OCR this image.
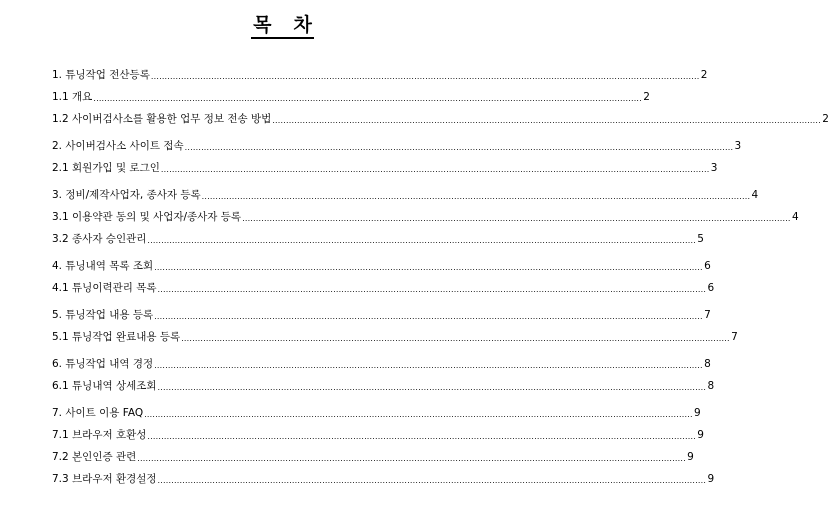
목 차
1. 튜닝작업 전산등록 ........................................................................................................................................................................................................ 2
1.1 개요 ........................................................................................................................................................................................................ 2
1.2 사이버검사소를 활용한 업무 정보 전송 방법 ........................................................................................................................................................................................................ 2
2. 사이버검사소 사이트 접속 ........................................................................................................................................................................................................ 3
2.1 회원가입 및 로그인 ........................................................................................................................................................................................................ 3
3. 정비/제작사업자, 종사자 등록 ........................................................................................................................................................................................................ 4
3.1 이용약관 동의 및 사업자/종사자 등록 ........................................................................................................................................................................................................ 4
3.2 종사자 승인관리 ........................................................................................................................................................................................................ 5
4. 튜닝내역 목록 조회 ........................................................................................................................................................................................................ 6
4.1 튜닝이력관리 목록 ........................................................................................................................................................................................................ 6
5. 튜닝작업 내용 등록 ........................................................................................................................................................................................................ 7
5.1 튜닝작업 완료내용 등록 ........................................................................................................................................................................................................ 7
6. 튜닝작업 내역 경정 ........................................................................................................................................................................................................ 8
6.1 튜닝내역 상세조회 ........................................................................................................................................................................................................ 8
7. 사이트 이용 FAQ ........................................................................................................................................................................................................ 9
7.1 브라우저 호환성 ........................................................................................................................................................................................................ 9
7.2 본인인증 관련 ........................................................................................................................................................................................................ 9
7.3 브라우저 환경설정 ........................................................................................................................................................................................................ 9
